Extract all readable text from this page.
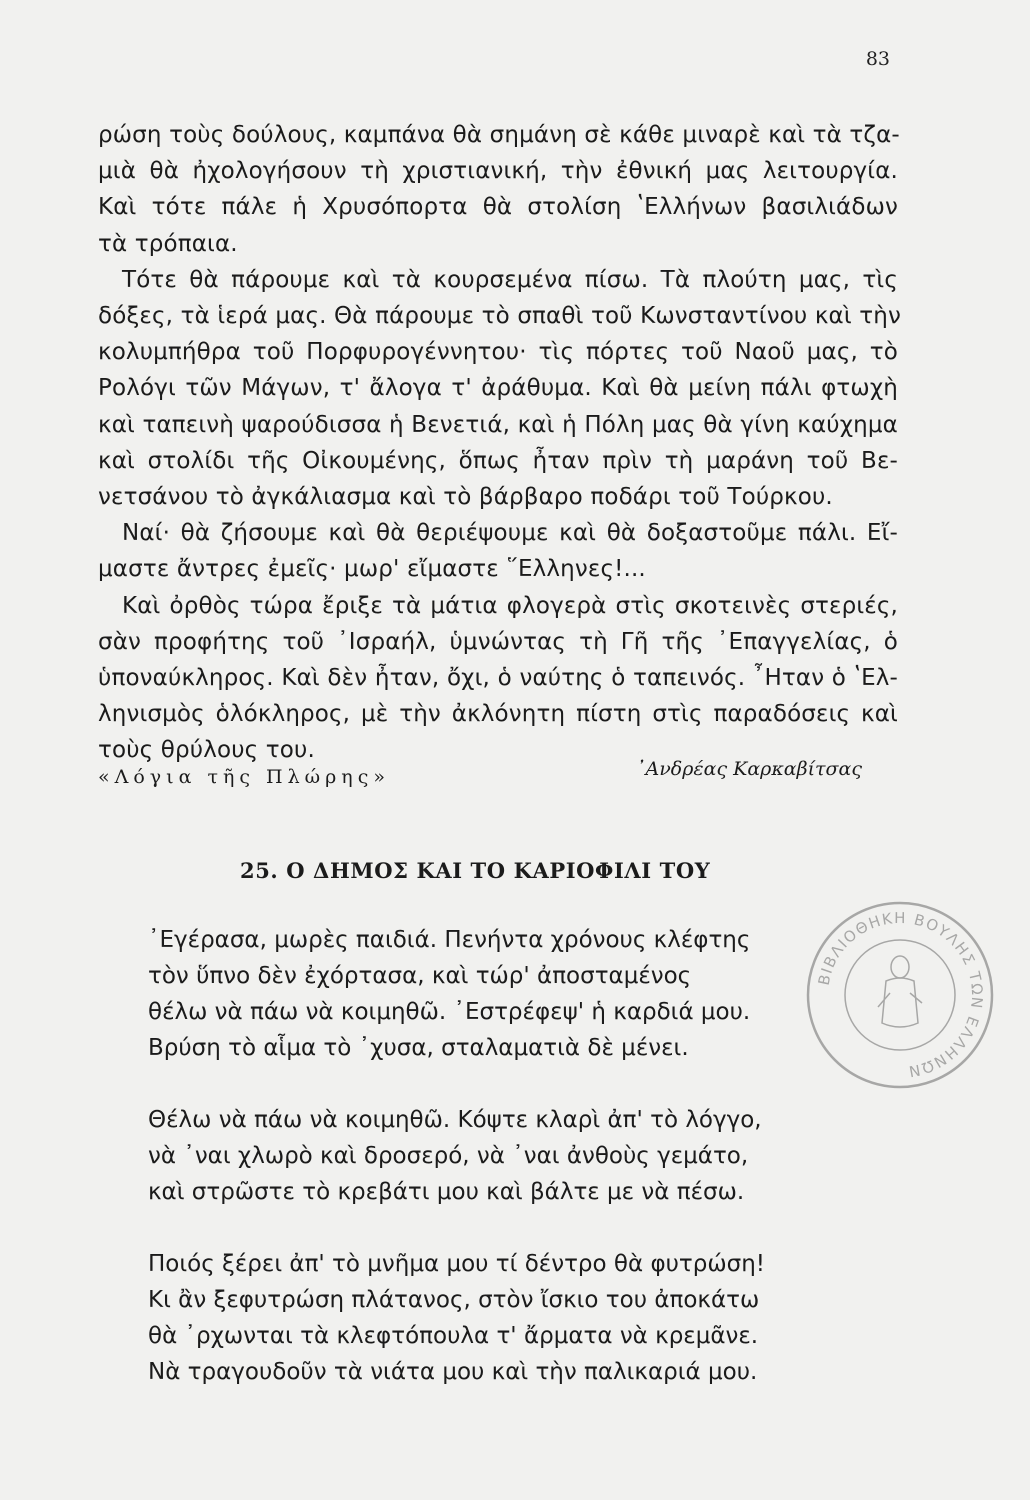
83
ρώση τοὺς δούλους, καμπάνα θὰ σημάνη σὲ κάθε μιναρὲ καὶ τὰ τζα-
μιὰ θὰ ἠχολογήσουν τὴ χριστιανική, τὴν ἐθνική μας λειτουργία.
Καὶ τότε πάλε ἡ Χρυσόπορτα θὰ στολίση ʽΕλλήνων βασιλιάδων
τὰ τρόπαια.
Τότε θὰ πάρουμε καὶ τὰ κουρσεμένα πίσω. Τὰ πλούτη μας, τὶς
δόξες, τὰ ἱερά μας. Θὰ πάρουμε τὸ σπαθὶ τοῦ Κωνσταντίνου καὶ τὴν
κολυμπήθρα τοῦ Πορφυρογέννητου· τὶς πόρτες τοῦ Ναοῦ μας, τὸ
Ρολόγι τῶν Μάγων, τ' ἄλογα τ' ἀράθυμα. Καὶ θὰ μείνη πάλι φτωχὴ
καὶ ταπεινὴ ψαρούδισσα ἡ Βενετιά, καὶ ἡ Πόλη μας θὰ γίνη καύχημα
καὶ στολίδι τῆς Οἰκουμένης, ὅπως ἦταν πρὶν τὴ μαράνη τοῦ Βε-
νετσάνου τὸ ἀγκάλιασμα καὶ τὸ βάρβαρο ποδάρι τοῦ Τούρκου.
Ναί· θὰ ζήσουμε καὶ θὰ θεριέψουμε καὶ θὰ δοξαστοῦμε πάλι. Εἴ-
μαστε ἄντρες ἐμεῖς· μωρ' εἴμαστε ῞Ελληνες!...
Καὶ ὀρθὸς τώρα ἔριξε τὰ μάτια φλογερὰ στὶς σκοτεινὲς στεριές,
σὰν προφήτης τοῦ ᾿Ισραήλ, ὑμνώντας τὴ Γῆ τῆς ᾿Επαγγελίας, ὁ
ὑποναύκληρος. Καὶ δὲν ἦταν, ὄχι, ὁ ναύτης ὁ ταπεινός. ῏Ηταν ὁ ʽΕλ-
ληνισμὸς ὁλόκληρος, μὲ τὴν ἀκλόνητη πίστη στὶς παραδόσεις καὶ
τοὺς θρύλους του.
«Λόγια τῆς Πλώρης»	᾿Ανδρέας Καρκαβίτσας
25. Ο ΔΗΜΟΣ ΚΑΙ ΤΟ ΚΑΡΙΟΦΙΛΙ ΤΟΥ
᾿Εγέρασα, μωρὲς παιδιά. Πενήντα χρόνους κλέφτης
τὸν ὕπνο δὲν ἐχόρτασα, καὶ τώρ' ἀποσταμένος
θέλω νὰ πάω νὰ κοιμηθῶ. ᾿Εστρέφεψ' ἡ καρδιά μου.
Βρύση τὸ αἷμα τὸ ᾿χυσα, σταλαματιὰ δὲ μένει.
Θέλω νὰ πάω νὰ κοιμηθῶ. Κόψτε κλαρὶ ἀπ' τὸ λόγγο,
νὰ ᾿ναι χλωρὸ καὶ δροσερό, νὰ ᾿ναι ἀνθοὺς γεμάτο,
καὶ στρῶστε τὸ κρεβάτι μου καὶ βάλτε με νὰ πέσω.
Ποιός ξέρει ἀπ' τὸ μνῆμα μου τί δέντρο θὰ φυτρώση!
Κι ἂν ξεφυτρώση πλάτανος, στὸν ἴσκιο του ἀποκάτω
θὰ ᾿ρχωνται τὰ κλεφτόπουλα τ' ἄρματα νὰ κρεμᾶνε.
Νὰ τραγουδοῦν τὰ νιάτα μου καὶ τὴν παλικαριά μου.
ΒΙΒΛΙΟΘΗΚΗ ΒΟΥΛΗΣ ΤΩΝ ΕΛΛΗΝΩΝ
